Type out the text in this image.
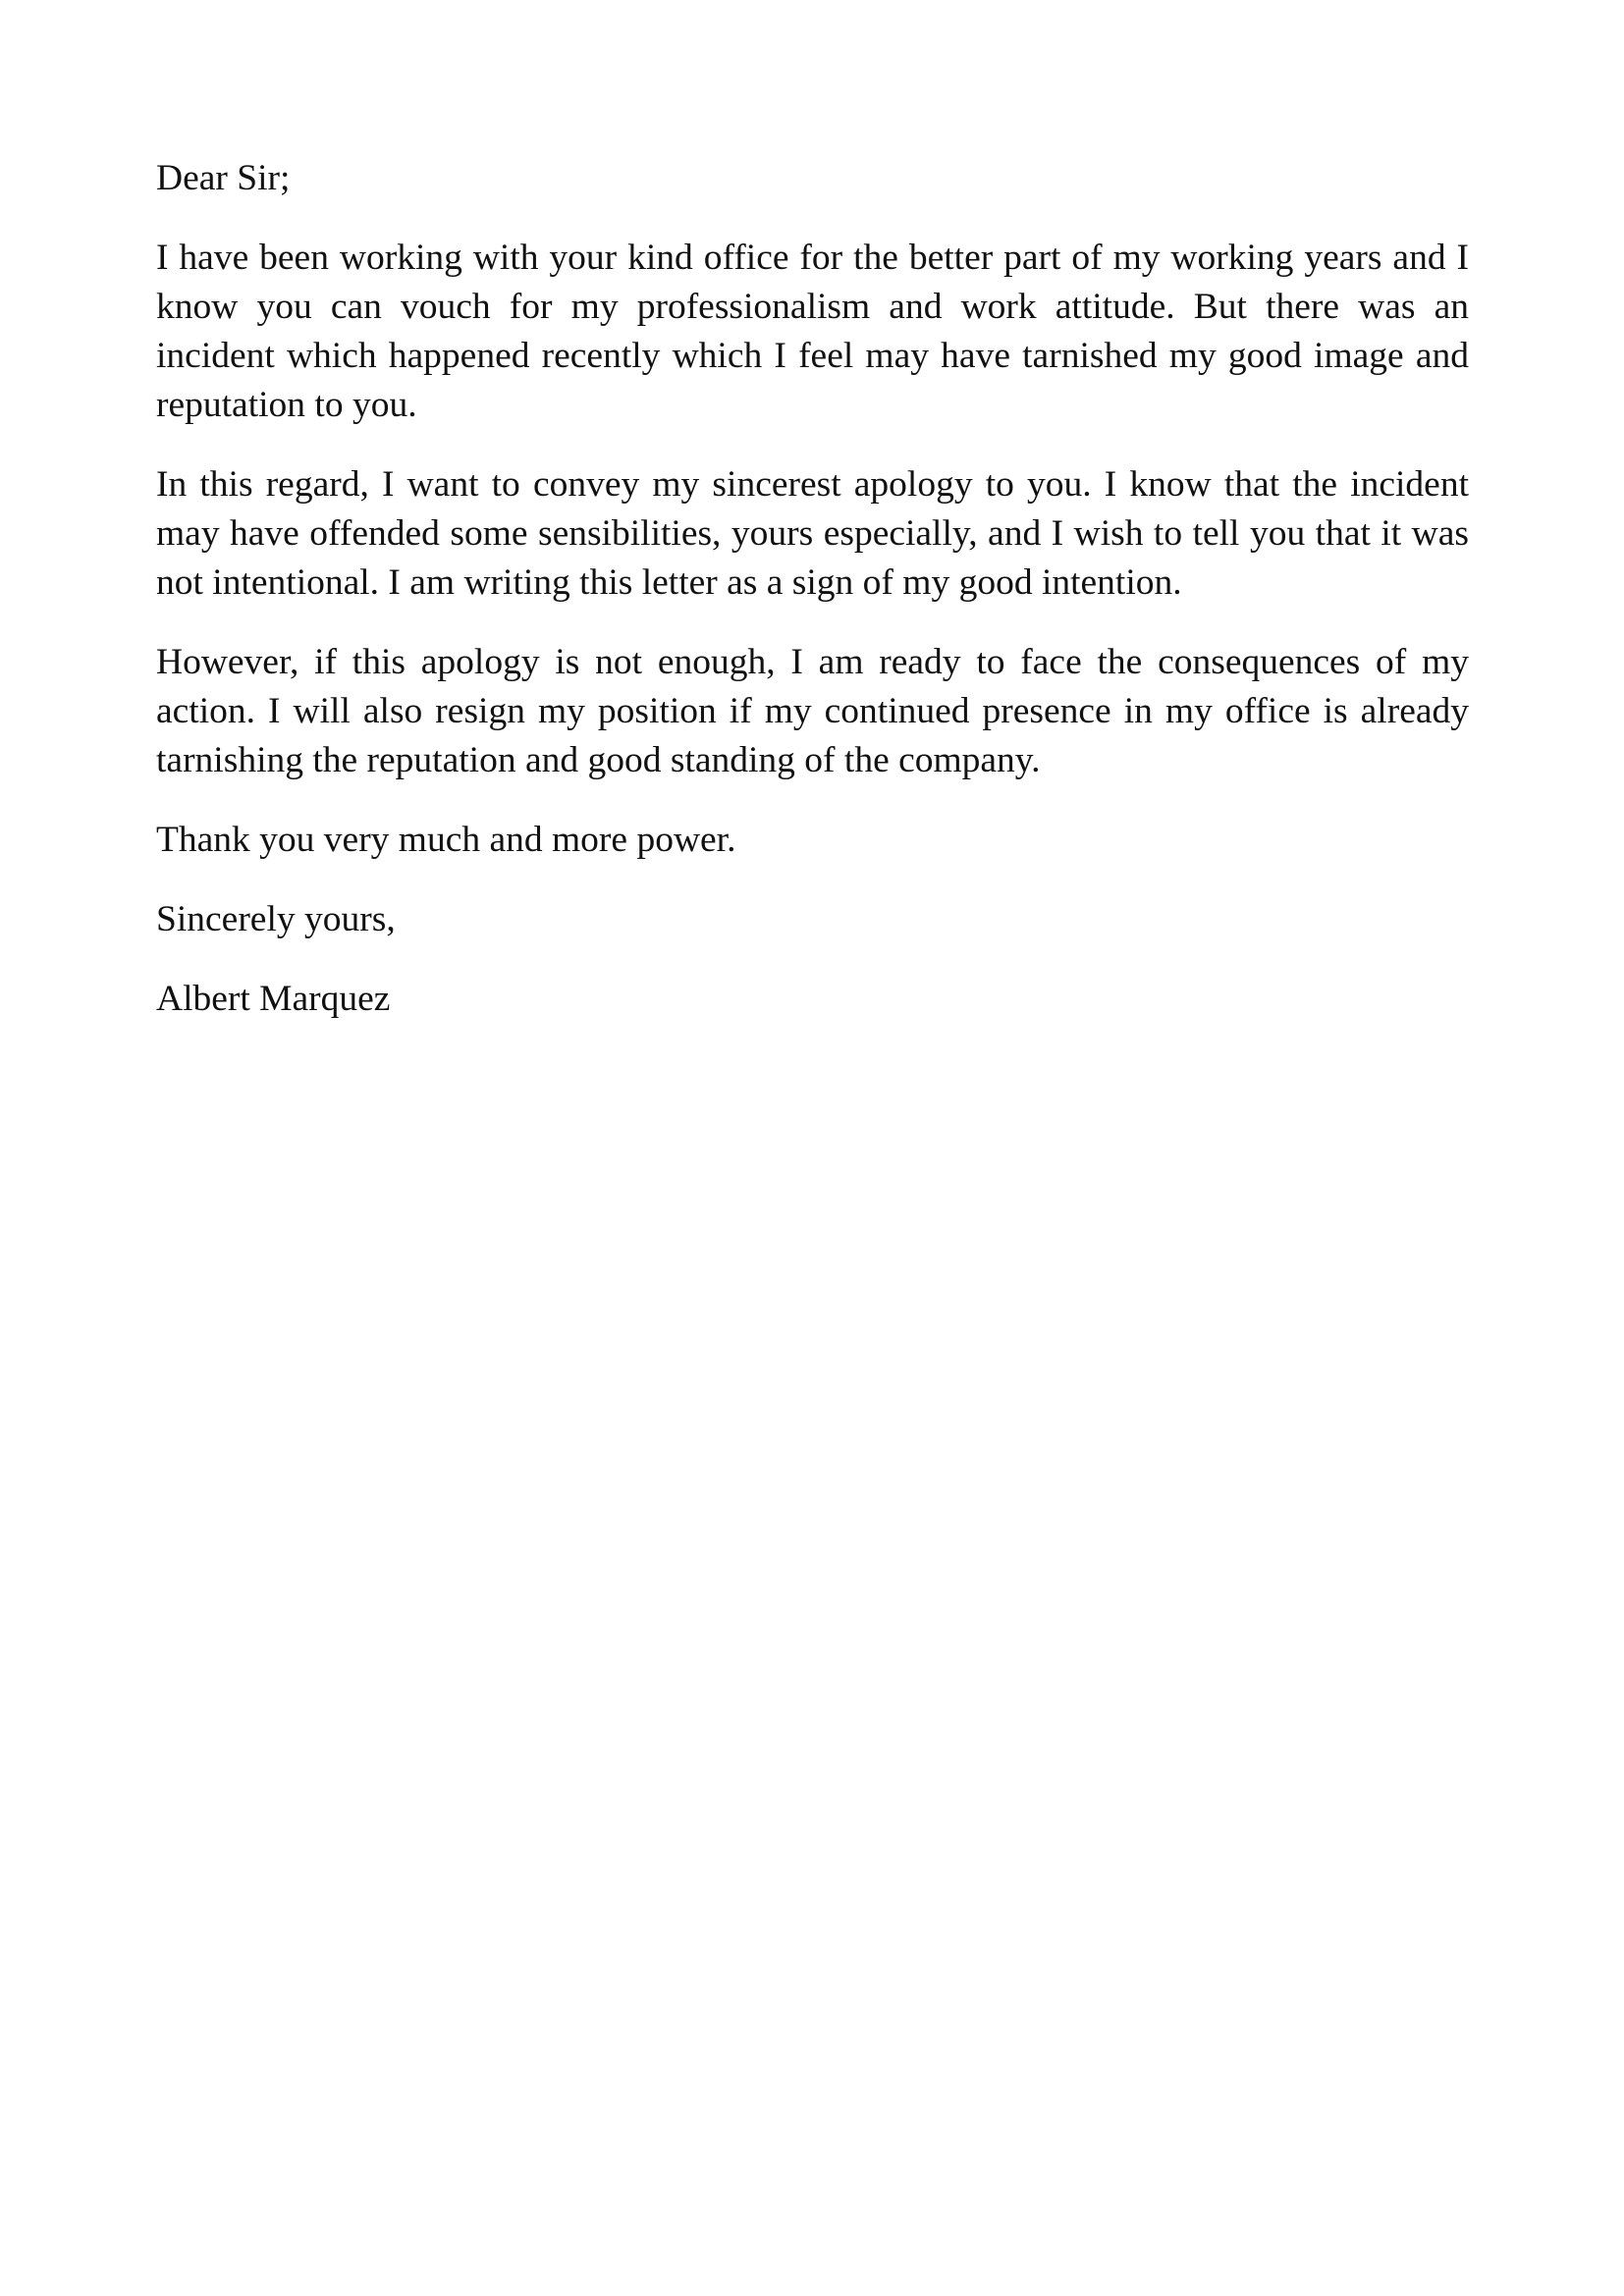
Dear Sir;

I have been working with your kind office for the better part of my working years and I know you can vouch for my professionalism and work attitude. But there was an incident which happened recently which I feel may have tarnished my good image and reputation to you.

In this regard, I want to convey my sincerest apology to you. I know that the incident may have offended some sensibilities, yours especially, and I wish to tell you that it was not intentional. I am writing this letter as a sign of my good intention.

However, if this apology is not enough, I am ready to face the consequences of my action. I will also resign my position if my continued presence in my office is already tarnishing the reputation and good standing of the company.

Thank you very much and more power.

Sincerely yours,

Albert Marquez
